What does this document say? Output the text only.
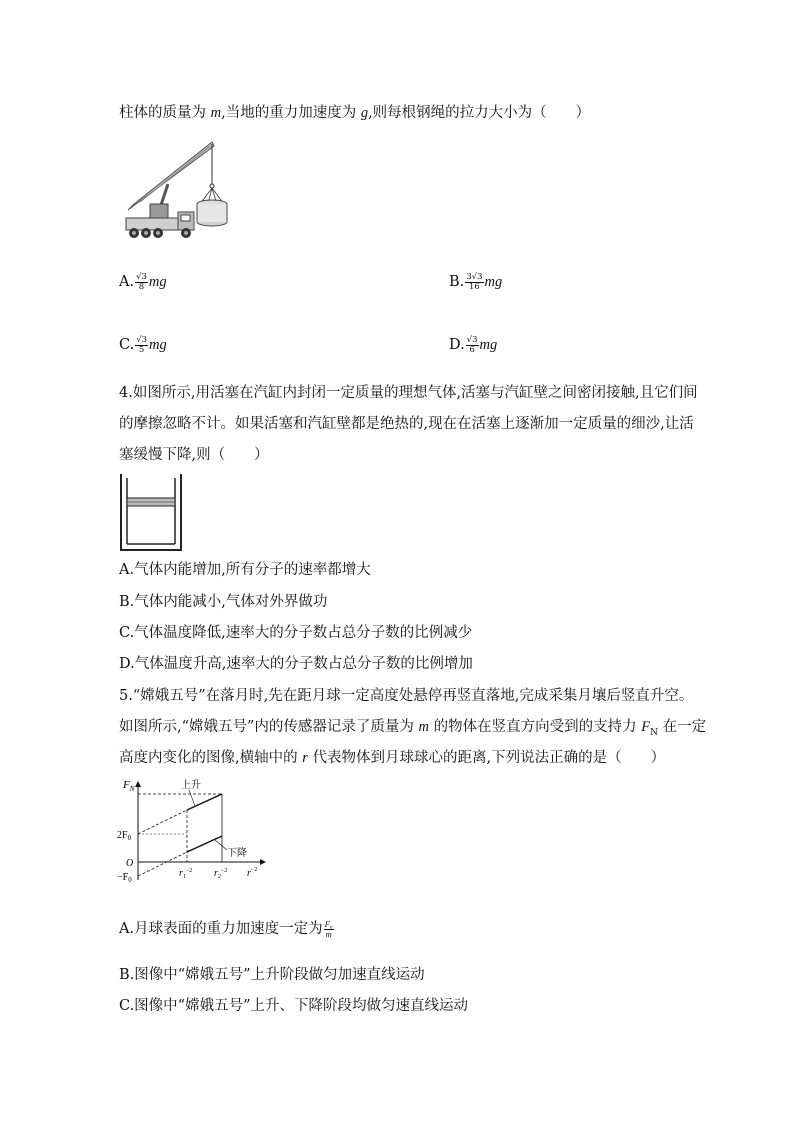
柱体的质量为 m,当地的重力加速度为 g,则每根钢绳的拉力大小为（　　）
A. $\frac{√3}{8}$ mg	B. $\frac{3√3}{16}$ mg
C. $\frac{√3}{5}$ mg	D. $\frac{√3}{6}$ mg
4.如图所示,用活塞在汽缸内封闭一定质量的理想气体,活塞与汽缸壁之间密闭接触,且它们间
的摩擦忽略不计。如果活塞和汽缸壁都是绝热的,现在在活塞上逐渐加一定质量的细沙,让活
塞缓慢下降,则（　　）
A.气体内能增加,所有分子的速率都增大
B.气体内能减小,气体对外界做功
C.气体温度降低,速率大的分子数占总分子数的比例减少
D.气体温度升高,速率大的分子数占总分子数的比例增加
5.“嫦娥五号”在落月时,先在距月球一定高度处悬停再竖直落地,完成采集月壤后竖直升空。
如图所示,“嫦娥五号”内的传感器记录了质量为 m 的物体在竖直方向受到的支持力 $F_N$ 在一定
高度内变化的图像,横轴中的 r 代表物体到月球球心的距离,下列说法正确的是（　　）
$F_N$	上升
下降
$2F_0$
O
$-F_0$
$r_1^{-2}$ $r_2^{-2}$ $r^{-2}$
A.月球表面的重力加速度一定为 $\frac{\text{F₀}}{m}$
B.图像中“嫦娥五号”上升阶段做匀加速直线运动
C.图像中“嫦娥五号”上升、下降阶段均做匀速直线运动
